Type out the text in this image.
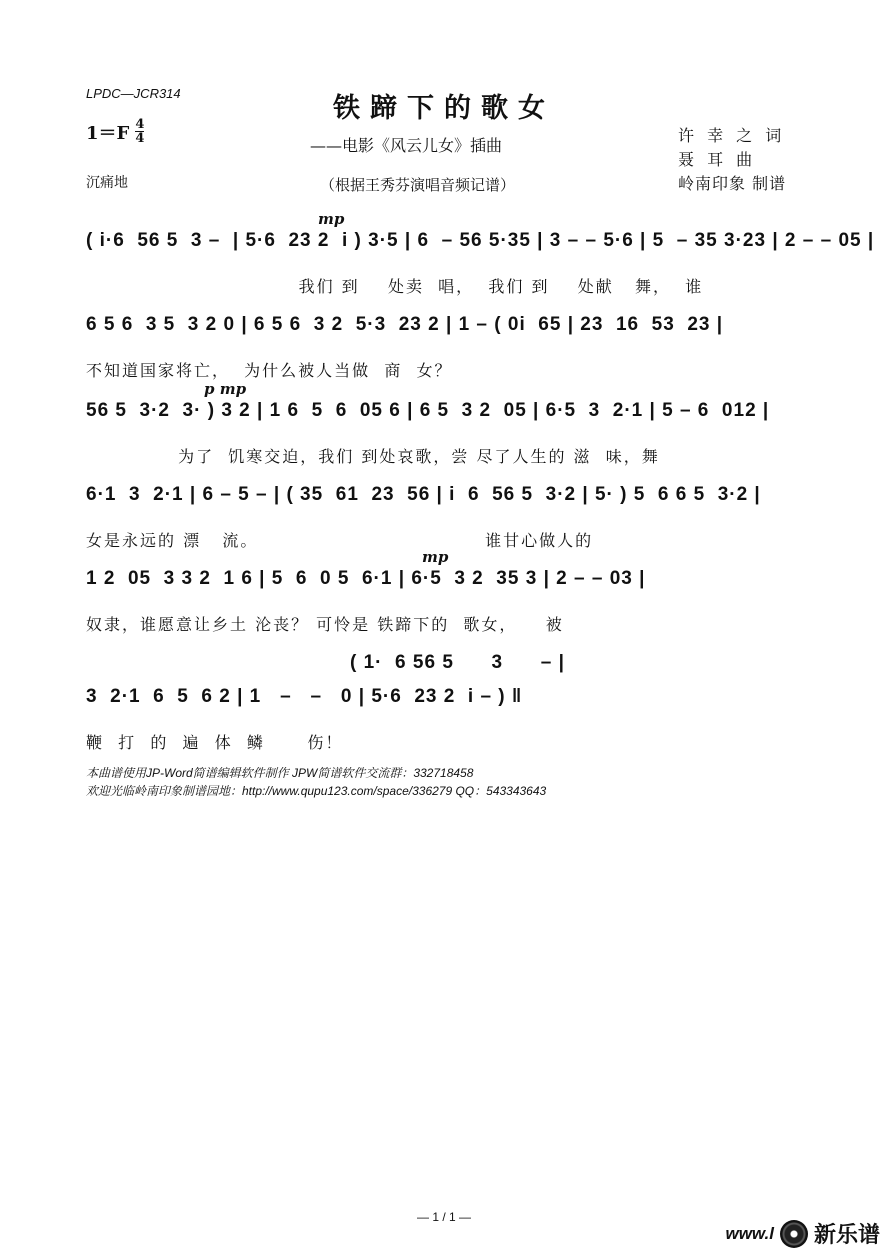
LPDC—JCR314	铁蹄下的歌女
$1=F \frac{4}{4}$
——电影《风云儿女》插曲
许 幸 之 词
聂 耳 曲
岭南印象 制谱
（根据王秀芬演唱音频记谱）
沉痛地
mp
( i·6  56 5  3 –  | 5·6  23 2  i ) 3·5 | 6  – 56 5·35 | 3 – – 5·6 | 5  – 35 3·23 | 2 – – 05 |
我们 到    处卖  唱，  我们 到    处献   舞，  谁
6 5 6  3 5  3 2 0 | 6 5 6  3 2  5·3  23 2 | 1 – ( 0i  65 | 23  16  53  23 |
不知道国家将亡，  为什么被人当做  商  女？
p mp
56 5  3·2  3· ) 3 2 | 1 6  5  6  05 6 | 6 5  3 2  05 | 6·5  3  2·1 | 5 – 6  012 |
为了  饥寒交迫，我们 到处哀歌，尝 尽了人生的 滋  味，舞
6·1  3  2·1 | 6 – 5 – | ( 35  61  23  56 | i  6  56 5  3·2 | 5· ) 5  6 6 5  3·2 |
女是永远的 漂   流。                                谁甘心做人的
mp
1 2  05  3 3 2  1 6 | 5  6  0 5  6·1 | 6·5  3 2  35 3 | 2 – – 03 |
奴隶，谁愿意让乡土 沦丧？ 可怜是 铁蹄下的  歌女，    被
( 1·  6 56 5      3      – |
3  2·1  6  5  6 2 | 1   –   –   0 | 5·6  23 2  i – ) ‖
鞭  打  的  遍  体  鳞      伤！
本曲谱使用JP-Word简谱编辑软件制作 JPW简谱软件交流群：332718458
欢迎光临岭南印象制谱园地：http://www.qupu123.com/space/336279 QQ：543343643
— 1 / 1 —
www.l 新乐谱
